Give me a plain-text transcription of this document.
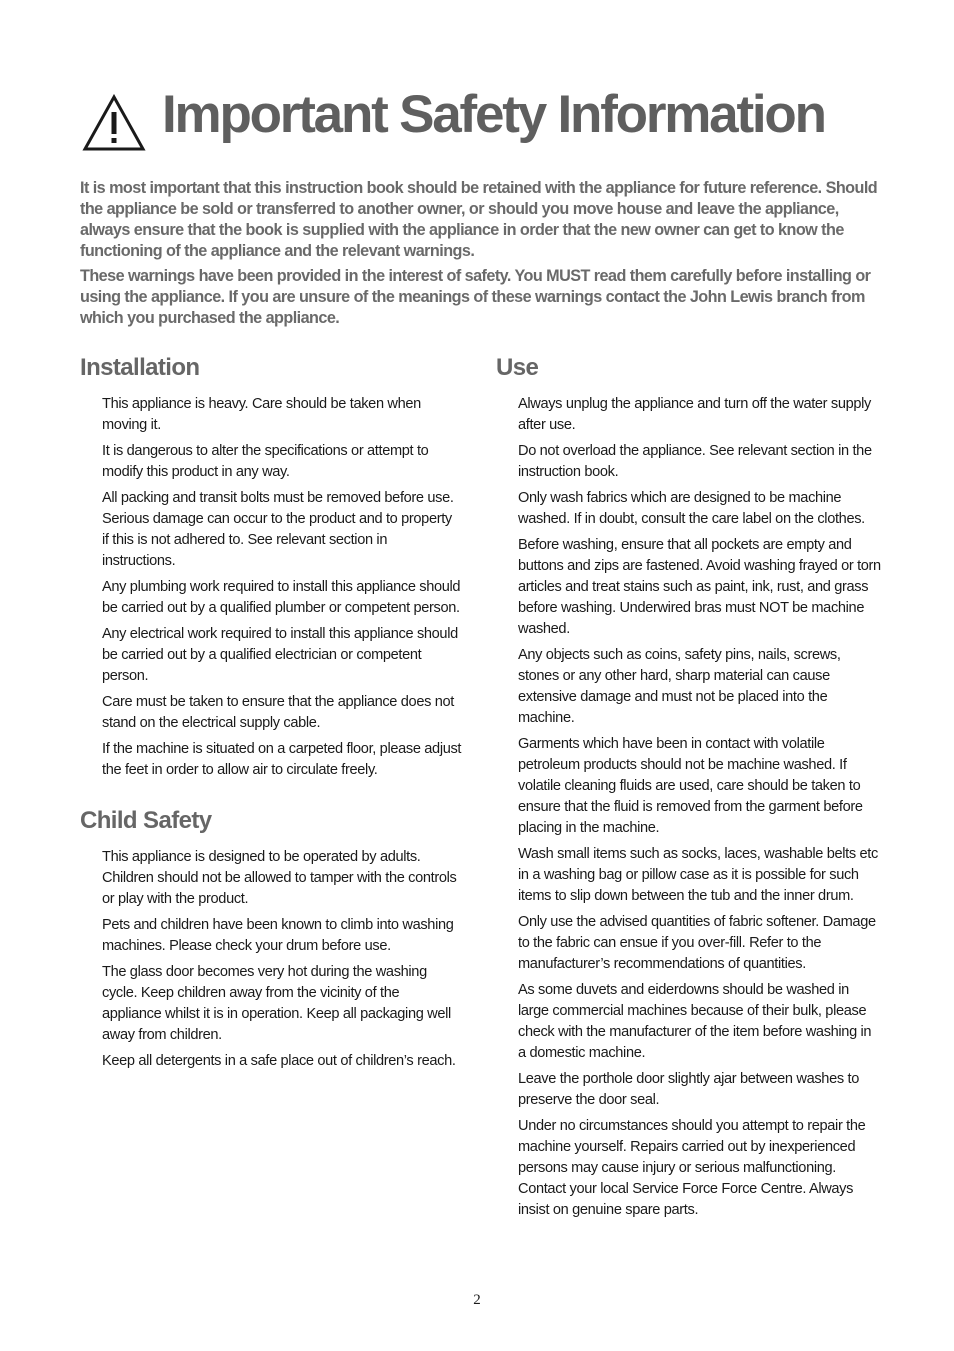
Important Safety Information

It is most important that this instruction book should be retained with the appliance for future reference. Should the appliance be sold or transferred to another owner, or should you move house and leave the appliance, always ensure that the book is supplied with the appliance in order that the new owner can get to know the functioning of the appliance and the relevant warnings.

These warnings have been provided in the interest of safety. You MUST read them carefully before installing or using the appliance. If you are unsure of the meanings of these warnings contact the John Lewis branch from which you purchased the appliance.

Installation
This appliance is heavy. Care should be taken when moving it.
It is dangerous to alter the specifications or attempt to modify this product in any way.
All packing and transit bolts must be removed before use. Serious damage can occur to the product and to property if this is not adhered to. See relevant section in instructions.
Any plumbing work required to install this appliance should be carried out by a qualified plumber or competent person.
Any electrical work required to install this appliance should be carried out by a qualified electrician or competent person.
Care must be taken to ensure that the appliance does not stand on the electrical supply cable.
If the machine is situated on a carpeted floor, please adjust the feet in order to allow air to circulate freely.
Child Safety
This appliance is designed to be operated by adults. Children should not be allowed to tamper with the controls or play with the product.
Pets and children have been known to climb into washing machines. Please check your drum before use.
The glass door becomes very hot during the washing cycle. Keep children away from the vicinity of the appliance whilst it is in operation. Keep all packaging well away from children.
Keep all detergents in a safe place out of children’s reach.
Use
Always unplug the appliance and turn off the water supply after use.
Do not overload the appliance. See relevant section in the instruction book.
Only wash fabrics which are designed to be machine washed. If in doubt, consult the care label on the clothes.
Before washing, ensure that all pockets are empty and buttons and zips are fastened. Avoid washing frayed or torn articles and treat stains such as paint, ink, rust, and grass before washing. Underwired bras must NOT be machine washed.
Any objects such as coins, safety pins, nails, screws, stones or any other hard, sharp material can cause extensive damage and must not be placed into the machine.
Garments which have been in contact with volatile petroleum products should not be machine washed. If volatile cleaning fluids are used, care should be taken to ensure that the fluid is removed from the garment before placing in the machine.
Wash small items such as socks, laces, washable belts etc in a washing bag or pillow case as it is possible for such items to slip down between the tub and the inner drum.
Only use the advised quantities of fabric softener. Damage to the fabric can ensue if you over-fill. Refer to the manufacturer’s recommendations of quantities.
As some duvets and eiderdowns should be washed in large commercial machines because of their bulk, please check with the manufacturer of the item before washing in a domestic machine.
Leave the porthole door slightly ajar between washes to preserve the door seal.
Under no circumstances should you attempt to repair the machine yourself. Repairs carried out by inexperienced persons may cause injury or serious malfunctioning. Contact your local Service Force Force Centre. Always insist on genuine spare parts.
2
